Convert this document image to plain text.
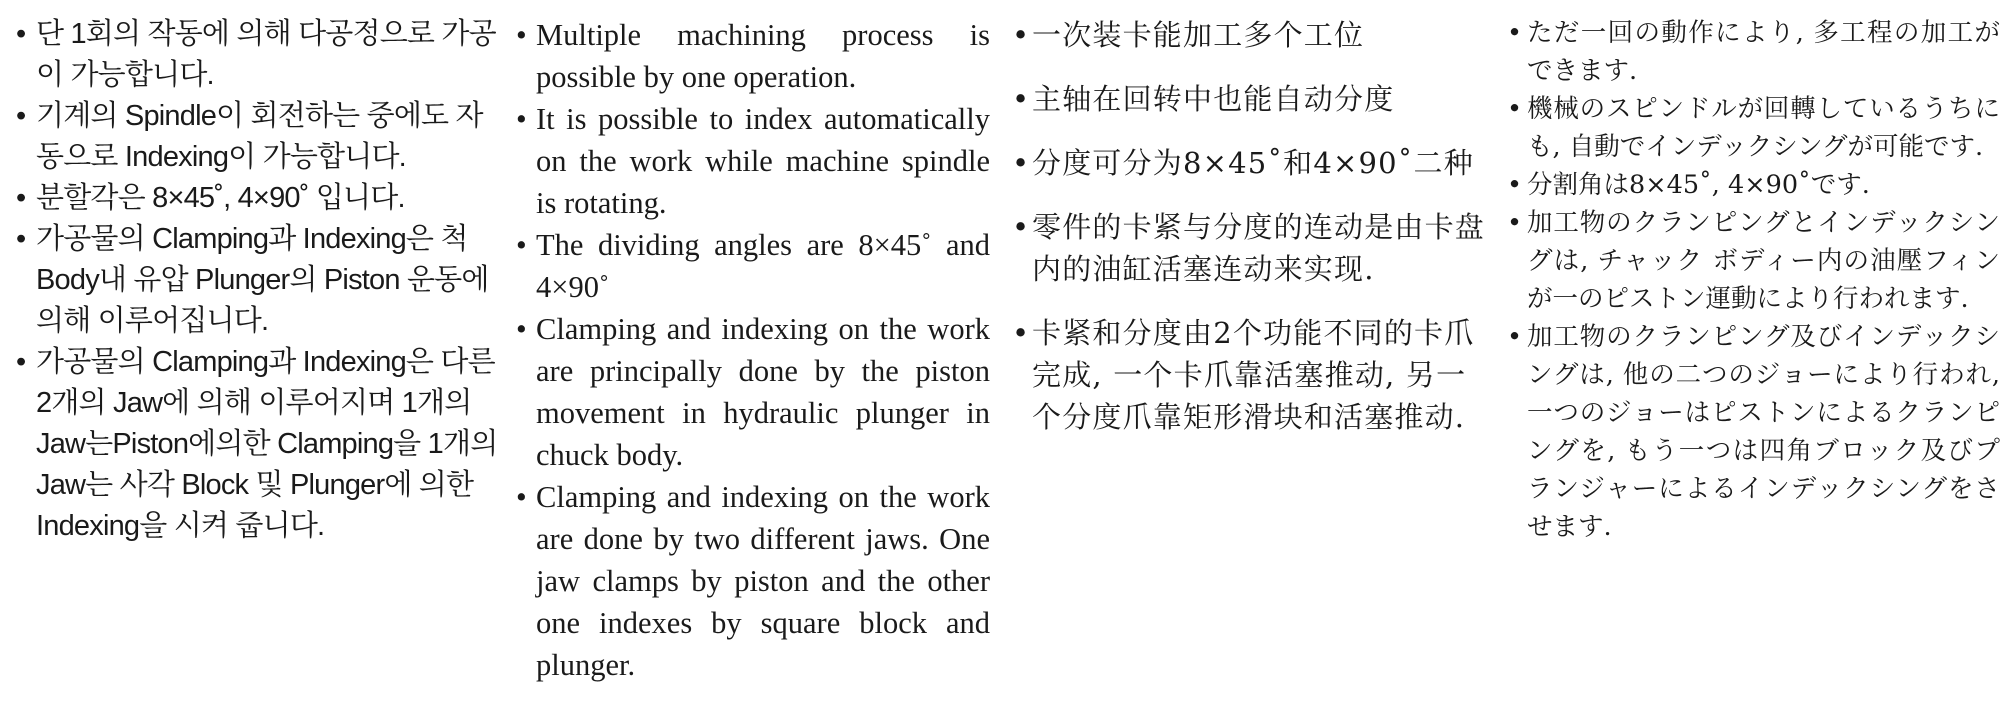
• 단 1회의 작동에 의해 다공정으로 가공이 가능합니다.
• 기계의 Spindle이 회전하는 중에도 자동으로 Indexing이 가능합니다.
• 분할각은 8×45˚, 4×90˚ 입니다.
• 가공물의 Clamping과 Indexing은 척 Body내 유압 Plunger의 Piston 운동에 의해 이루어집니다.
• 가공물의 Clamping과 Indexing은 다른 2개의 Jaw에 의해 이루어지며 1개의 Jaw는Piston에의한 Clamping을 1개의 Jaw는 사각 Block 및 Plunger에 의한 Indexing을 시켜 줍니다.
• Multiple machining process is possible by one operation.
• It is possible to index automatically on the work while machine spindle is rotating.
• The dividing angles are 8×45˚ and 4×90˚
• Clamping and indexing on the work are principally done by the piston movement in hydraulic plunger in chuck body.
• Clamping and indexing on the work are done by two different jaws. One jaw clamps by piston and the other one indexes by square block and plunger.
• 一次装卡能加工多个工位
• 主轴在回转中也能自动分度
• 分度可分为8×45˚和4×90˚二种
• 零件的卡紧与分度的连动是由卡盘内的油缸活塞连动来实现.
• 卡紧和分度由2个功能不同的卡爪完成, 一个卡爪靠活塞推动, 另一个分度爪靠矩形滑块和活塞推动.
• ただ一回の動作により, 多工程の加工ができます.
• 機械のスピンドルが回轉しているうちにも, 自動でインデックシングが可能です.
• 分割角は8×45˚, 4×90˚です.
• 加工物のクランピングとインデックシングは, チャック ボディー内の油壓フィンが一のピストン運動により行われます.
• 加工物のクランピング及びインデックシングは, 他の二つのジョーにより行われ, 一つのジョーはピストンによるクランピングを, もう一つは四角ブロック及びプランジャーによるインデックシングをさせます.
